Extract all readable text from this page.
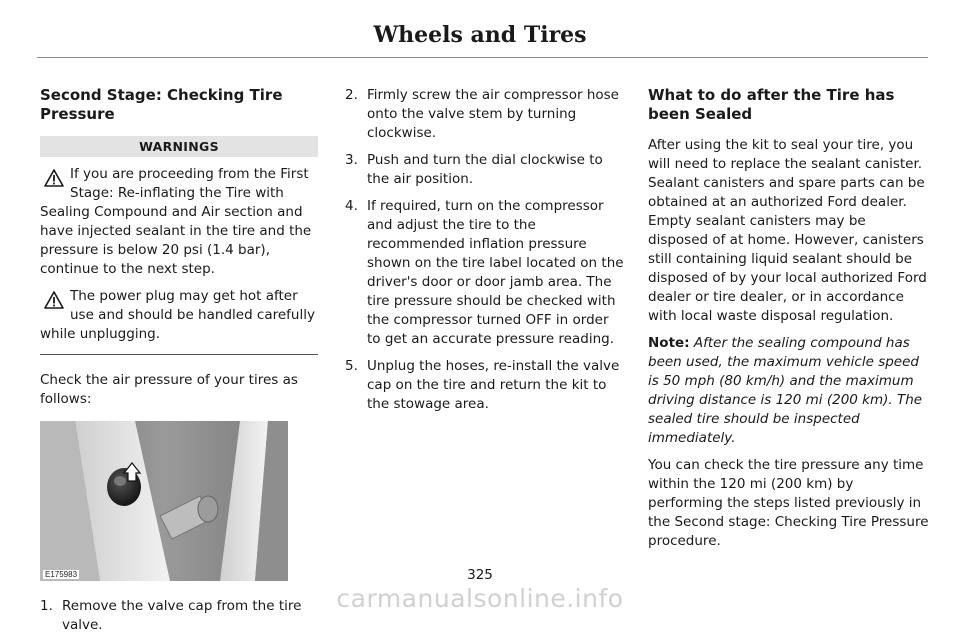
Wheels and Tires
Second Stage: Checking Tire Pressure
WARNINGS

If you are proceeding from the First Stage: Re-inflating the Tire with Sealing Compound and Air section and have injected sealant in the tire and the pressure is below 20 psi (1.4 bar), continue to the next step.

The power plug may get hot after use and should be handled carefully while unplugging.

Check the air pressure of your tires as follows:

E175983
1. Remove the valve cap from the tire valve.
2. Firmly screw the air compressor hose onto the valve stem by turning clockwise.
3. Push and turn the dial clockwise to the air position.
4. If required, turn on the compressor and adjust the tire to the recommended inflation pressure shown on the tire label located on the driver's door or door jamb area. The tire pressure should be checked with the compressor turned OFF in order to get an accurate pressure reading.
5. Unplug the hoses, re-install the valve cap on the tire and return the kit to the stowage area.
What to do after the Tire has been Sealed

After using the kit to seal your tire, you will need to replace the sealant canister. Sealant canisters and spare parts can be obtained at an authorized Ford dealer. Empty sealant canisters may be disposed of at home. However, canisters still containing liquid sealant should be disposed of by your local authorized Ford dealer or tire dealer, or in accordance with local waste disposal regulation.

Note: After the sealing compound has been used, the maximum vehicle speed is 50 mph (80 km/h) and the maximum driving distance is 120 mi (200 km). The sealed tire should be inspected immediately.

You can check the tire pressure any time within the 120 mi (200 km) by performing the steps listed previously in the Second stage: Checking Tire Pressure procedure.

325
carmanualsonline.info
